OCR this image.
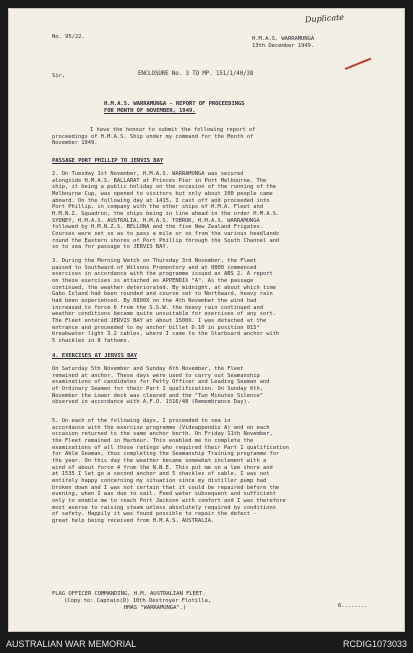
No. 95/22.	H.M.A.S. WARRAMUNGA
13th December 1949.
Duplicate
Sir,	ENCLOSURE No. 3 TO MP. 151/1/40/38
H.M.A.S. WARRAMUNGA - REPORT OF PROCEEDINGS
FOR MONTH OF NOVEMBER, 1949.
I have the honour to submit the following report of
proceedings of H.M.A.S. Ship under my command for the Month of
November 1949.
PASSAGE PORT PHILLIP TO JERVIS BAY
2. On Tuesday 1st November, H.M.A.S. WARRAMUNGA was secured
alongside H.M.A.S. BALLARAT at Princes Pier in Port Melbourne. The
ship, it being a public holiday on the occasion of the running of the
Melbourne Cup, was opened to visitors but only about 100 people came
aboard. On the following day at 1415, I cast off and proceeded into
Port Phillip, in company with the other ships of H.M.A. Fleet and
H.M.N.Z. Squadron, the ships being in line ahead in the order H.M.A.S.
SYDNEY, H.M.A.S. AUSTRALIA, H.M.A.S. TOBRUK, H.M.A.S. WARRAMUNGA
followed by H.M.N.Z.S. BELLONA and the five New Zealand Frigates.
Courses were set so as to pass a mile or so from the various headlands
round the Eastern shores of Port Phillip through the South Channel and
so to sea for passage to JERVIS BAY.
3. During the Morning Watch on Thursday 3rd November, the Fleet
passed to Southward of Wilsons Promontory and at 0800 commenced
exercises in accordance with the programme issued as ABS 2. A report
on these exercises is attached as APPENDIX "A". As the passage
continued, the weather deteriorated. By midnight, at about which time
Gabo Island had been rounded and course set to Northward, heavy rain
had been experienced. By 0800X on the 4th November the wind had
increased to force 6 from the S.S.W. the heavy rain continued and
weather conditions became quite unsuitable for exercises of any sort.
The Fleet entered JERVIS BAY at about 1500X. I was detached at the
entrance and proceeded to my anchor billet D.10 in position 015°
breakwater light 3.2 cables, where I came to the Starboard anchor with
5 shackles in 8 fathoms.
4. EXERCISES AT JERVIS BAY
On Saturday 5th November and Sunday 6th November, the Fleet
remained at anchor. These days were used to carry out Seamanship
examinations of candidates for Petty Officer and Leading Seaman and
of Ordinary Seamen for their Part 1 qualification. On Sunday 6th,
November the Lower deck was cleared and the "Two Minutes Silence"
observed in accordance with A.F.O. 1516/48 (Remembrance Day).
5. On each of the following days, I proceeded to sea in
accordance with the exercise programme (Videappendix A) and on each
occasion returned to the same anchor berth. On Friday 11th November,
the Fleet remained in Harbour. This enabled me to complete the
examinations of all those ratings who required their Part 1 qualification
for Able Seaman, thus completing the Seamanship Training programme for
the year. On this day the weather became somewhat inclement with a
wind of about force 4 from the N.N.E. This put me on a lee shore and
at 1535 I let go a second anchor and 5 shackles of cable. I was not
entirely happy concerning my situation since my distiller pump had
broken down and I was not certain that it could be repaired before the
evening, when I was due to sail. Feed water subsequent and sufficient
only to enable me to reach Port Jackson with comfort and I was therefore
most averse to raising steam unless absolutely required by conditions
of safety. Happily it was found possible to repair the defect -
great help being received from H.M.A.S. AUSTRALIA.
FLAG OFFICER COMMANDING, H.M. AUSTRALIAN FLEET.
(Copy to: Captain(D) 10th Destroyer Flotilla,
HMAS "WARRAMUNGA".)	6........
AUSTRALIAN WAR MEMORIAL	RCDIG1073033
